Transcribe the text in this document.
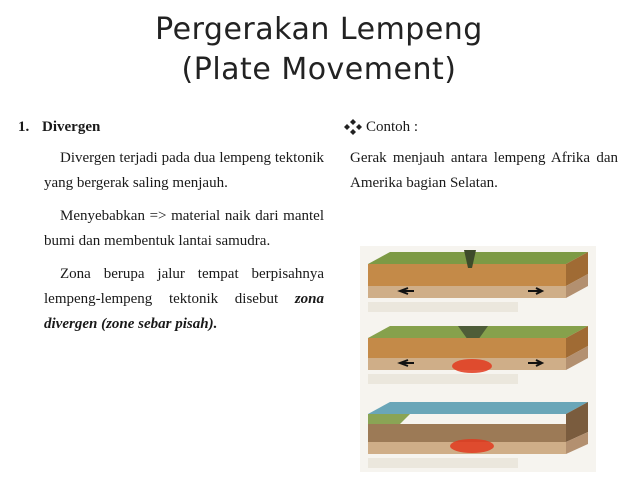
Pergerakan Lempeng
(Plate Movement)
1. Divergen

Divergen terjadi pada dua lempeng tektonik yang bergerak saling menjauh.

Menyebabkan => material naik dari mantel bumi dan membentuk lantai samudra.

Zona berupa jalur tempat berpisahnya lempeng-lempeng tektonik disebut zona divergen (zone sebar pisah).

Contoh :

Gerak menjauh antara lempeng Afrika dan Amerika bagian Selatan.
